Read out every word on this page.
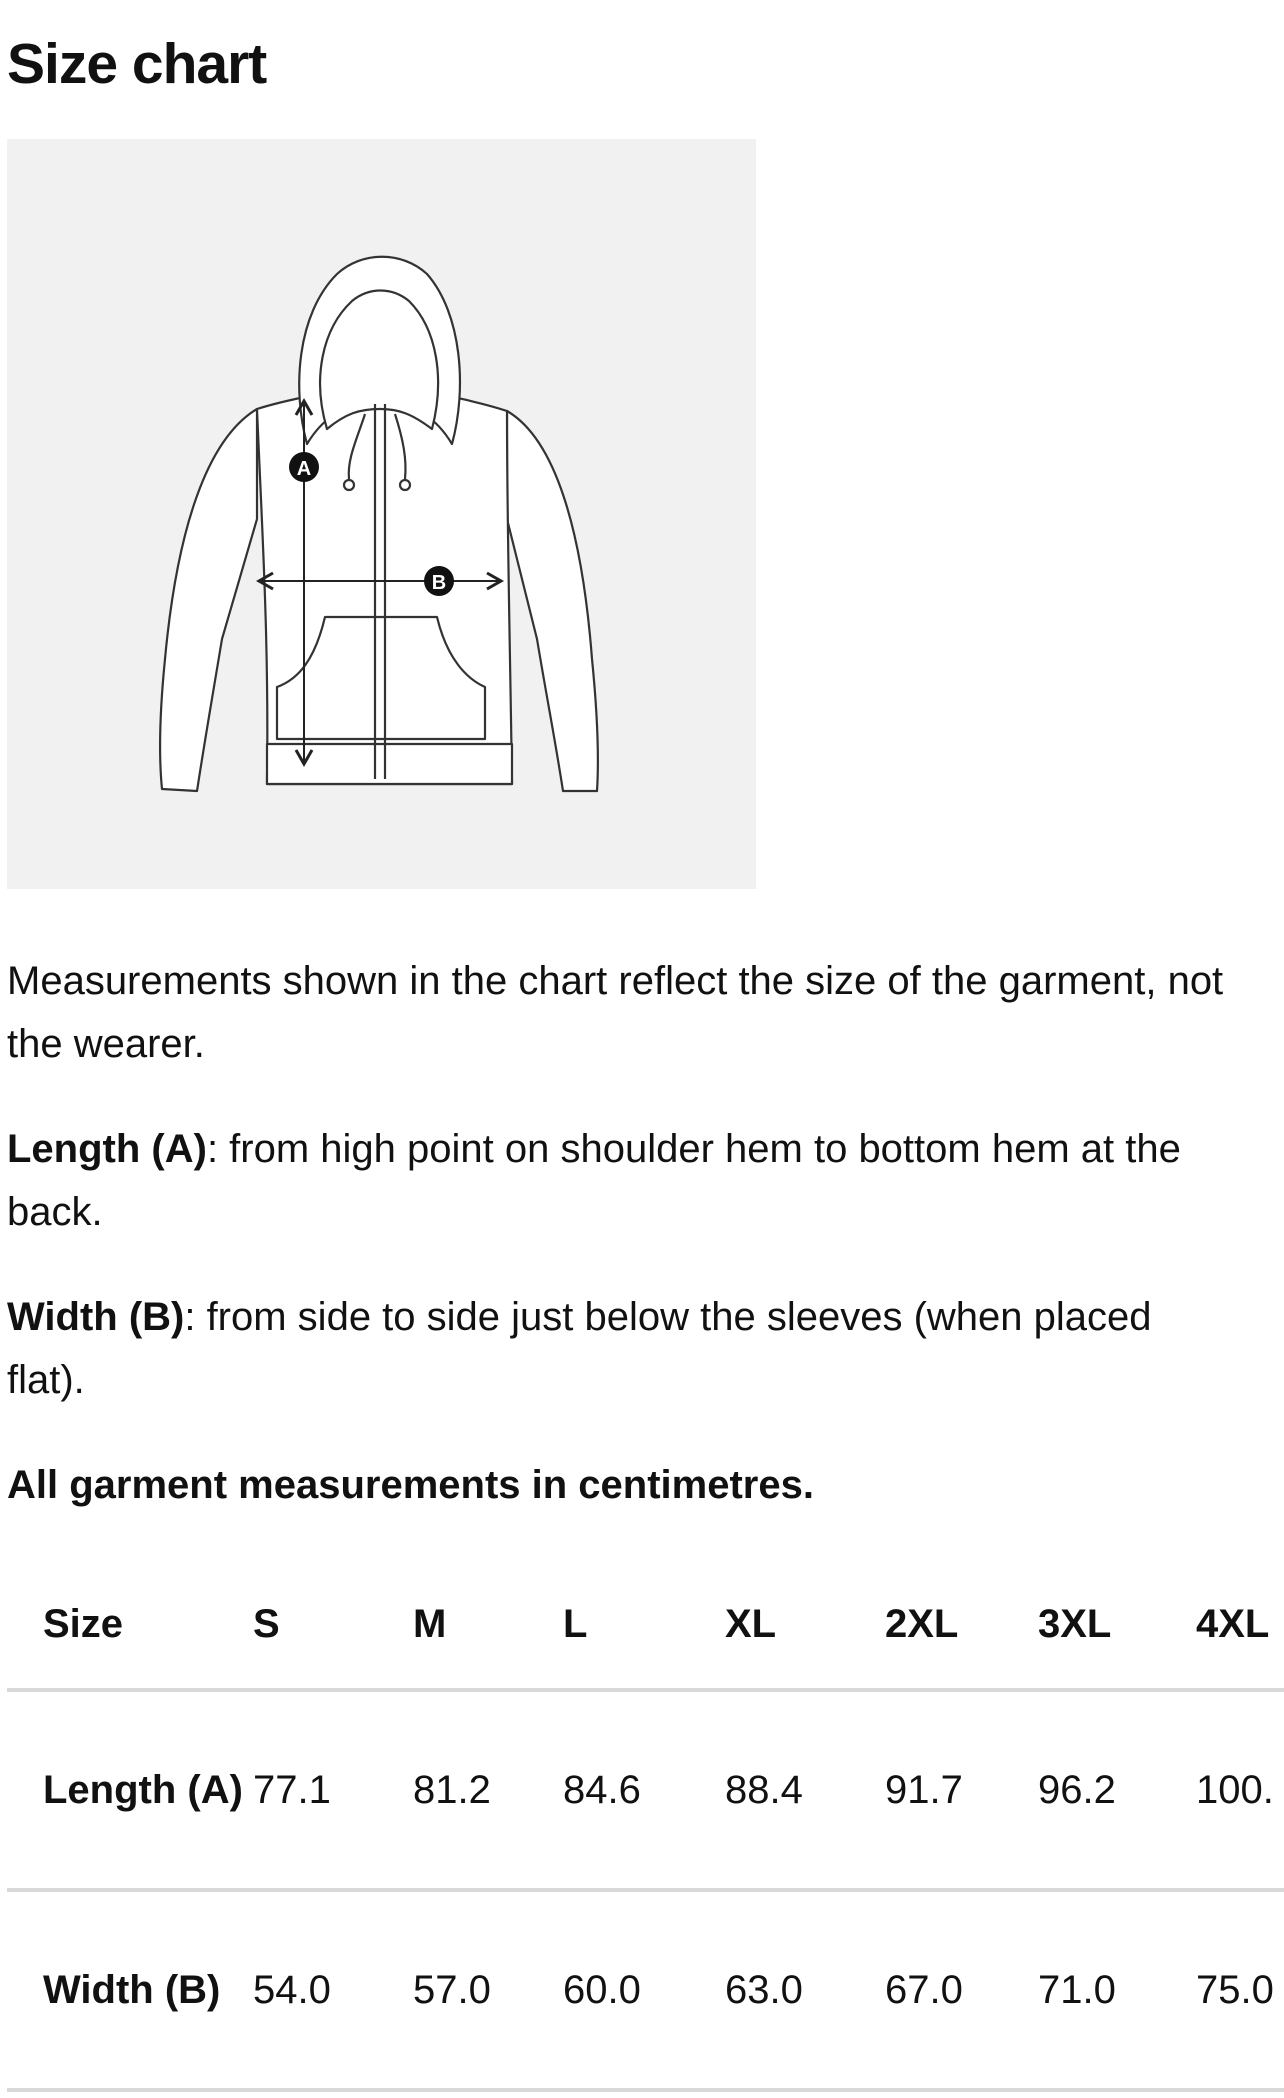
Size chart
A
B

Measurements shown in the chart reflect the size of the garment, not the wearer.

Length (A): from high point on shoulder hem to bottom hem at the back.

Width (B): from side to side just below the sleeves (when placed flat).

All garment measurements in centimetres.

Size	S	M	L	XL	2XL	3XL	4XL
Length (A)	77.1	81.2	84.6	88.4	91.7	96.2	100.
Width (B)	54.0	57.0	60.0	63.0	67.0	71.0	75.0
